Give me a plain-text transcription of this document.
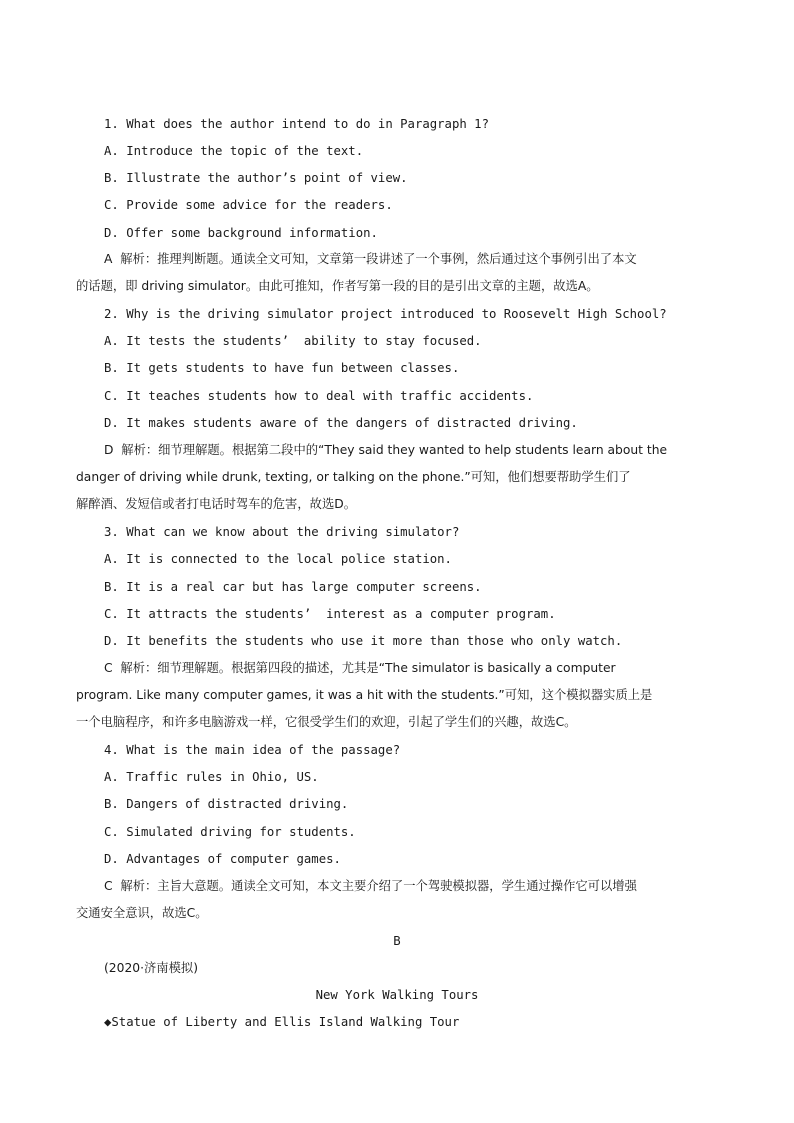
1. What does the author intend to do in Paragraph 1?
A. Introduce the topic of the text.
B. Illustrate the author’s point of view.
C. Provide some advice for the readers.
D. Offer some background information.
A  解析：推理判断题。通读全文可知，文章第一段讲述了一个事例，然后通过这个事例引出了本文
的话题，即 driving simulator。由此可推知，作者写第一段的目的是引出文章的主题，故选A。
2. Why is the driving simulator project introduced to Roosevelt High School?
A. It tests the students’  ability to stay focused.
B. It gets students to have fun between classes.
C. It teaches students how to deal with traffic accidents.
D. It makes students aware of the dangers of distracted driving.
D  解析：细节理解题。根据第二段中的“They said they wanted to help students learn about the
danger of driving while drunk, texting, or talking on the phone.”可知，他们想要帮助学生们了
解醉酒、发短信或者打电话时驾车的危害，故选D。
3. What can we know about the driving simulator?
A. It is connected to the local police station.
B. It is a real car but has large computer screens.
C. It attracts the students’  interest as a computer program.
D. It benefits the students who use it more than those who only watch.
C  解析：细节理解题。根据第四段的描述，尤其是“The simulator is basically a computer
program. Like many computer games, it was a hit with the students.”可知，这个模拟器实质上是
一个电脑程序，和许多电脑游戏一样，它很受学生们的欢迎，引起了学生们的兴趣，故选C。
4. What is the main idea of the passage?
A. Traffic rules in Ohio, US.
B. Dangers of distracted driving.
C. Simulated driving for students.
D. Advantages of computer games.
C  解析：主旨大意题。通读全文可知，本文主要介绍了一个驾驶模拟器，学生通过操作它可以增强
交通安全意识，故选C。
B
(2020·济南模拟)
New York Walking Tours
◆Statue of Liberty and Ellis Island Walking Tour
